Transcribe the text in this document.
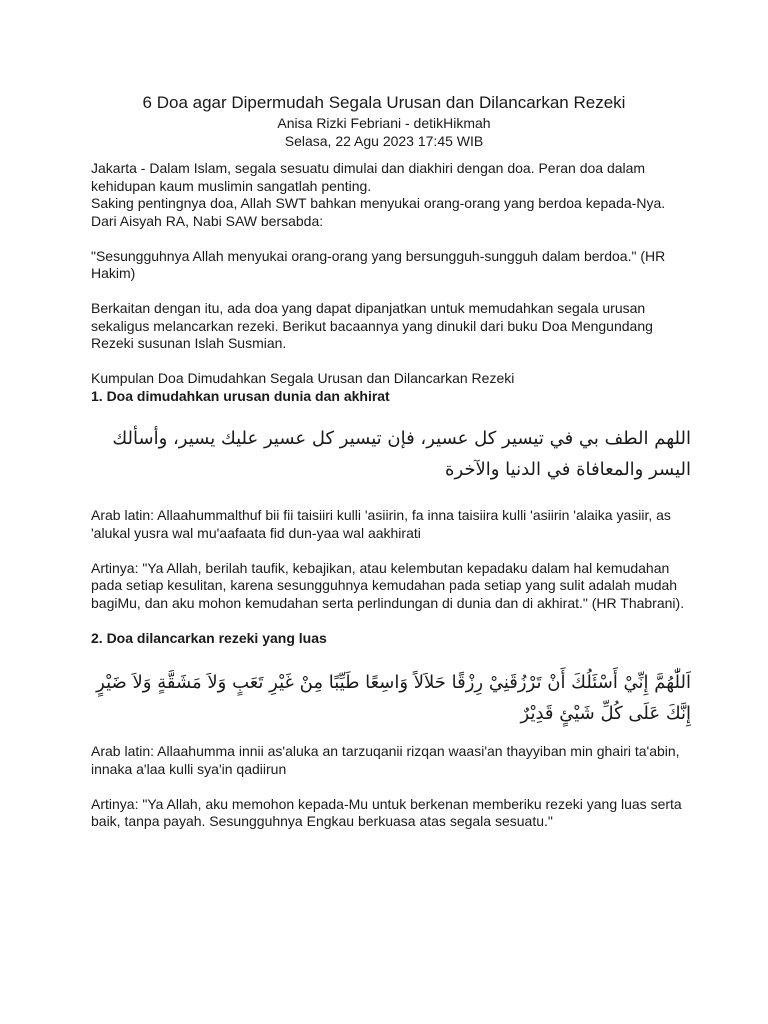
6 Doa agar Dipermudah Segala Urusan dan Dilancarkan Rezeki

Anisa Rizki Febriani - detikHikmah

Selasa, 22 Agu 2023 17:45 WIB

Jakarta - Dalam Islam, segala sesuatu dimulai dan diakhiri dengan doa. Peran doa dalam kehidupan kaum muslimin sangatlah penting.

Saking pentingnya doa, Allah SWT bahkan menyukai orang-orang yang berdoa kepada-Nya.

Dari Aisyah RA, Nabi SAW bersabda:

"Sesungguhnya Allah menyukai orang-orang yang bersungguh-sungguh dalam berdoa." (HR Hakim)

Berkaitan dengan itu, ada doa yang dapat dipanjatkan untuk memudahkan segala urusan sekaligus melancarkan rezeki. Berikut bacaannya yang dinukil dari buku Doa Mengundang Rezeki susunan Islah Susmian.

Kumpulan Doa Dimudahkan Segala Urusan dan Dilancarkan Rezeki

1. Doa dimudahkan urusan dunia dan akhirat

اللهم الطف بي في تيسير كل عسير، فإن تيسير كل عسير عليك يسير، وأسألك اليسر والمعافاة في الدنيا والآخرة

Arab latin: Allaahummalthuf bii fii taisiiri kulli 'asiirin, fa inna taisiira kulli 'asiirin 'alaika yasiir, as 'alukal yusra wal mu'aafaata fid dun-yaa wal aakhirati

Artinya: "Ya Allah, berilah taufik, kebajikan, atau kelembutan kepadaku dalam hal kemudahan pada setiap kesulitan, karena sesungguhnya kemudahan pada setiap yang sulit adalah mudah bagiMu, dan aku mohon kemudahan serta perlindungan di dunia dan di akhirat." (HR Thabrani).

2. Doa dilancarkan rezeki yang luas

اَللّٰهُمَّ إِنِّيْ أَسْئَلُكَ أَنْ تَرْزُقَنِيْ رِزْقًا حَلاَلاً وَاسِعًا طَيِّبًا مِنْ غَيْرِ تَعَبٍ وَلاَ مَشَقَّةٍ وَلاَ ضَيْرٍ إِنَّكَ عَلَى كُلِّ شَيْئٍ قَدِيْرٌ

Arab latin: Allaahumma innii as'aluka an tarzuqanii rizqan waasi'an thayyiban min ghairi ta'abin, innaka a'laa kulli sya'in qadiirun

Artinya: "Ya Allah, aku memohon kepada-Mu untuk berkenan memberiku rezeki yang luas serta baik, tanpa payah. Sesungguhnya Engkau berkuasa atas segala sesuatu."
